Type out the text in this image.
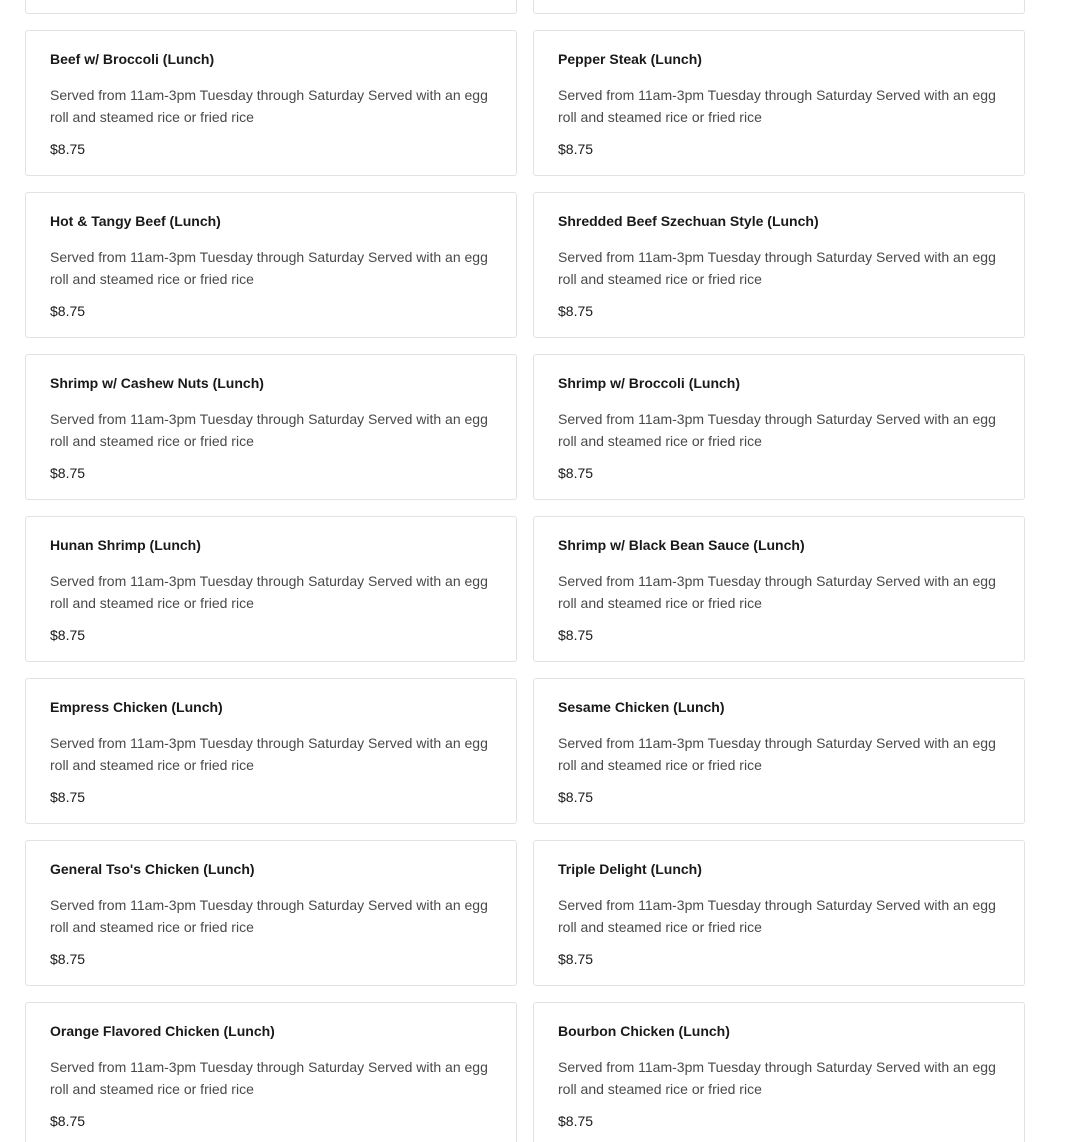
Beef w/ Broccoli (Lunch)
Served from 11am-3pm Tuesday through Saturday Served with an egg roll and steamed rice or fried rice
$8.75
Pepper Steak (Lunch)
Served from 11am-3pm Tuesday through Saturday Served with an egg roll and steamed rice or fried rice
$8.75
Hot & Tangy Beef (Lunch)
Served from 11am-3pm Tuesday through Saturday Served with an egg roll and steamed rice or fried rice
$8.75
Shredded Beef Szechuan Style (Lunch)
Served from 11am-3pm Tuesday through Saturday Served with an egg roll and steamed rice or fried rice
$8.75
Shrimp w/ Cashew Nuts (Lunch)
Served from 11am-3pm Tuesday through Saturday Served with an egg roll and steamed rice or fried rice
$8.75
Shrimp w/ Broccoli (Lunch)
Served from 11am-3pm Tuesday through Saturday Served with an egg roll and steamed rice or fried rice
$8.75
Hunan Shrimp (Lunch)
Served from 11am-3pm Tuesday through Saturday Served with an egg roll and steamed rice or fried rice
$8.75
Shrimp w/ Black Bean Sauce (Lunch)
Served from 11am-3pm Tuesday through Saturday Served with an egg roll and steamed rice or fried rice
$8.75
Empress Chicken (Lunch)
Served from 11am-3pm Tuesday through Saturday Served with an egg roll and steamed rice or fried rice
$8.75
Sesame Chicken (Lunch)
Served from 11am-3pm Tuesday through Saturday Served with an egg roll and steamed rice or fried rice
$8.75
General Tso's Chicken (Lunch)
Served from 11am-3pm Tuesday through Saturday Served with an egg roll and steamed rice or fried rice
$8.75
Triple Delight (Lunch)
Served from 11am-3pm Tuesday through Saturday Served with an egg roll and steamed rice or fried rice
$8.75
Orange Flavored Chicken (Lunch)
Served from 11am-3pm Tuesday through Saturday Served with an egg roll and steamed rice or fried rice
$8.75
Bourbon Chicken (Lunch)
Served from 11am-3pm Tuesday through Saturday Served with an egg roll and steamed rice or fried rice
$8.75
